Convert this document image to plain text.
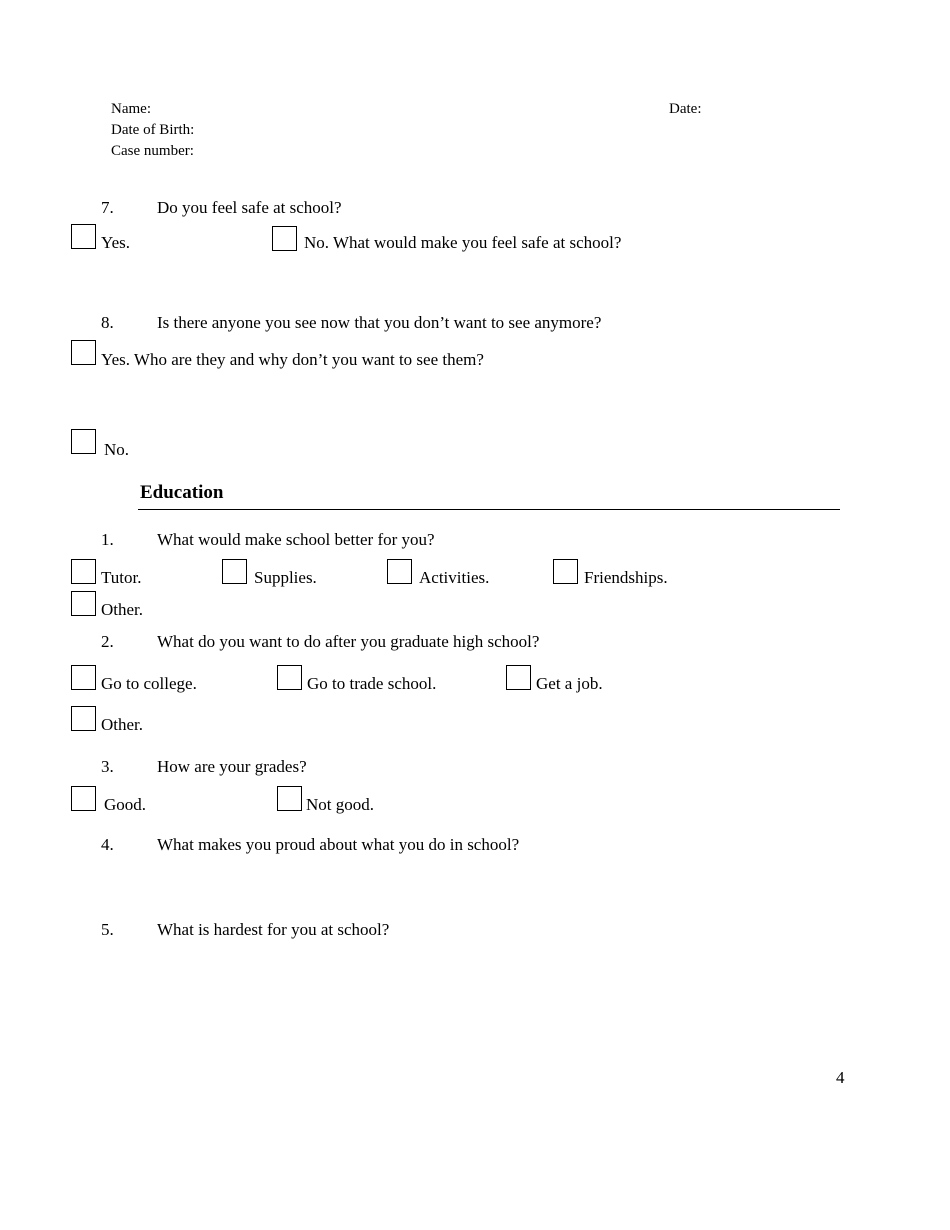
Name:
Date of Birth:
Case number:
Date:
7.	Do you feel safe at school?
Yes.	No. What would make you feel safe at school?
8.	Is there anyone you see now that you don’t want to see anymore?
Yes. Who are they and why don’t you want to see them?
No.
Education
1.	What would make school better for you?
Tutor.	Supplies.	Activities.	Friendships.
Other.
2.	What do you want to do after you graduate high school?
Go to college.	Go to trade school.	Get a job.
Other.
3.	How are your grades?
Good.	Not good.
4.	What makes you proud about what you do in school?
5.	What is hardest for you at school?
4
